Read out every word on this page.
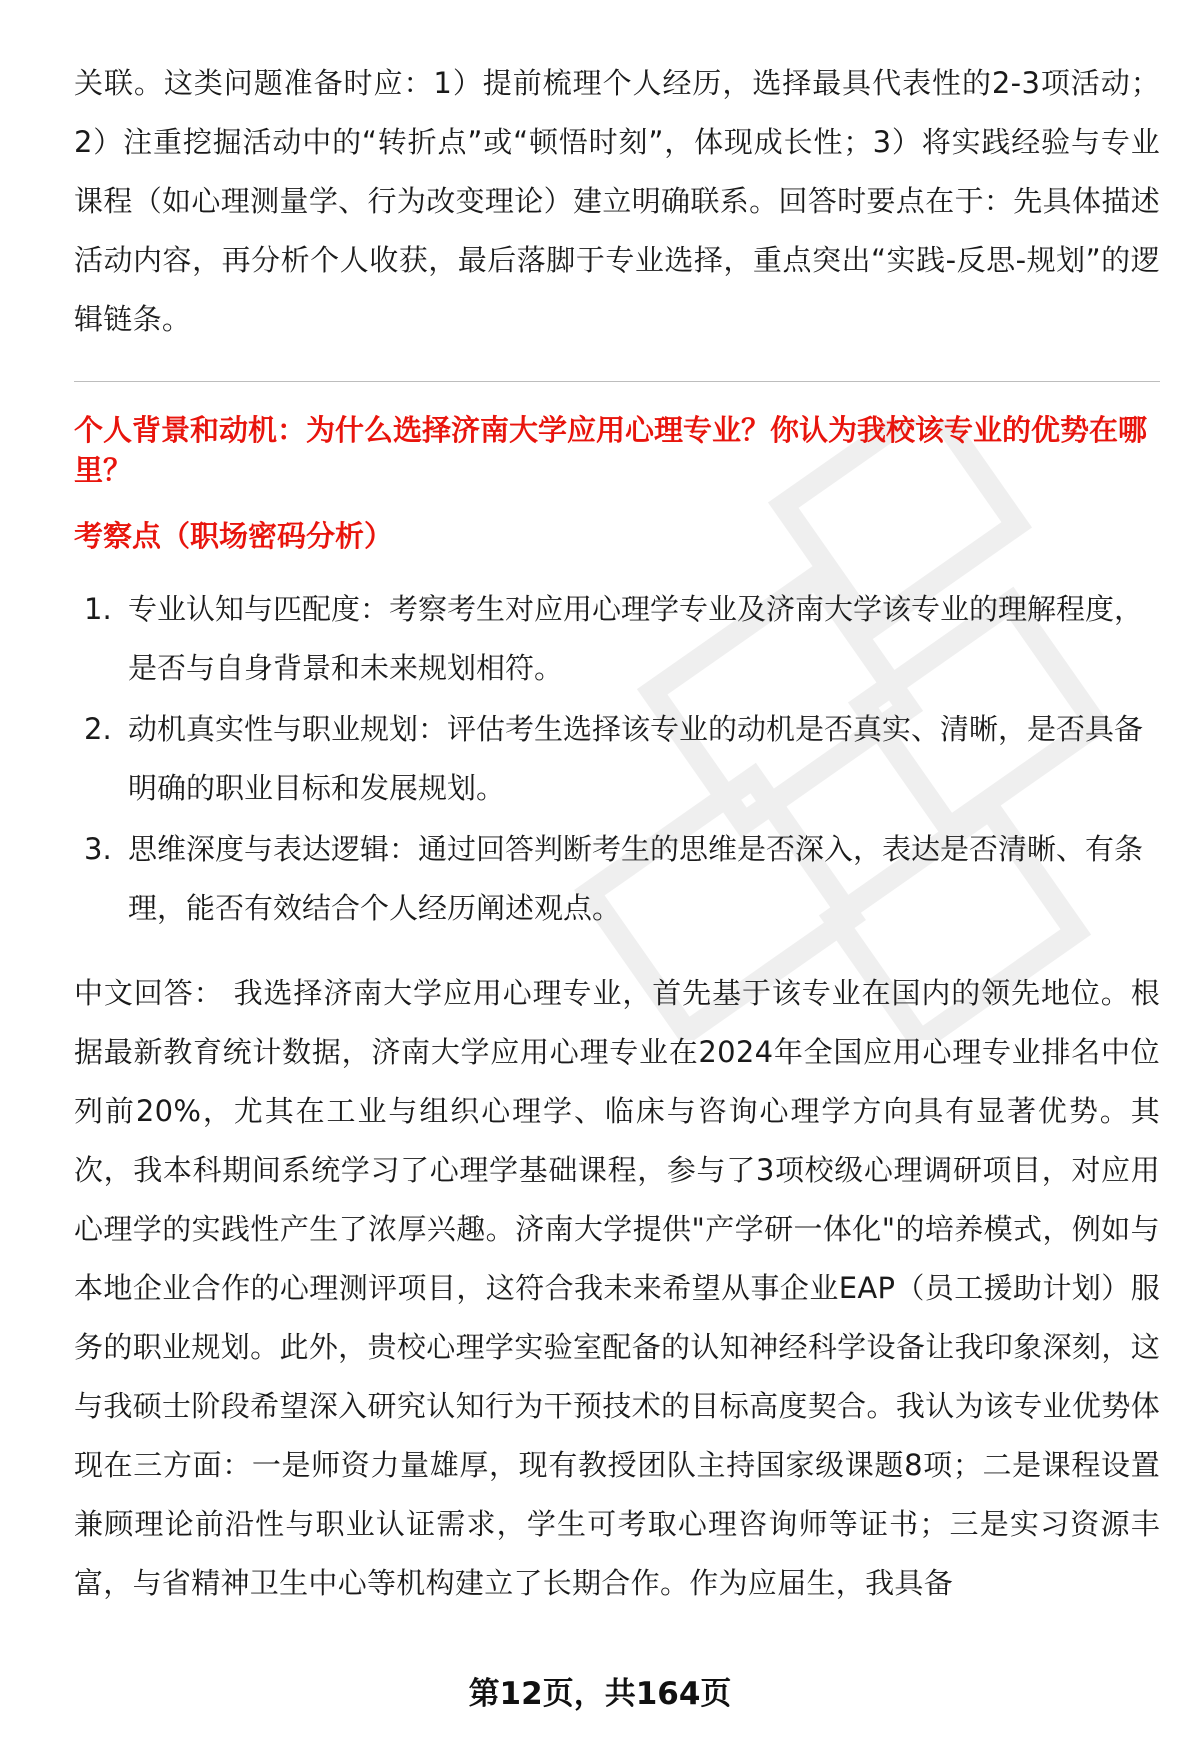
关联。这类问题准备时应：1）提前梳理个人经历，选择最具代表性的2-3项活动；2）注重挖掘活动中的“转折点”或“顿悟时刻”，体现成长性；3）将实践经验与专业课程（如心理测量学、行为改变理论）建立明确联系。回答时要点在于：先具体描述活动内容，再分析个人收获，最后落脚于专业选择，重点突出“实践-反思-规划”的逻辑链条。

个人背景和动机：为什么选择济南大学应用心理专业？你认为我校该专业的优势在哪里？

考察点（职场密码分析）

1. 专业认知与匹配度：考察考生对应用心理学专业及济南大学该专业的理解程度，是否与自身背景和未来规划相符。
2. 动机真实性与职业规划：评估考生选择该专业的动机是否真实、清晰，是否具备明确的职业目标和发展规划。
3. 思维深度与表达逻辑：通过回答判断考生的思维是否深入，表达是否清晰、有条理，能否有效结合个人经历阐述观点。

中文回答： 我选择济南大学应用心理专业，首先基于该专业在国内的领先地位。根据最新教育统计数据，济南大学应用心理专业在2024年全国应用心理专业排名中位列前20%，尤其在工业与组织心理学、临床与咨询心理学方向具有显著优势。其次，我本科期间系统学习了心理学基础课程，参与了3项校级心理调研项目，对应用心理学的实践性产生了浓厚兴趣。济南大学提供"产学研一体化"的培养模式，例如与本地企业合作的心理测评项目，这符合我未来希望从事企业EAP（员工援助计划）服务的职业规划。此外，贵校心理学实验室配备的认知神经科学设备让我印象深刻，这与我硕士阶段希望深入研究认知行为干预技术的目标高度契合。我认为该专业优势体现在三方面：一是师资力量雄厚，现有教授团队主持国家级课题8项；二是课程设置兼顾理论前沿性与职业认证需求，学生可考取心理咨询师等证书；三是实习资源丰富，与省精神卫生中心等机构建立了长期合作。作为应届生，我具备

第12页，共164页
